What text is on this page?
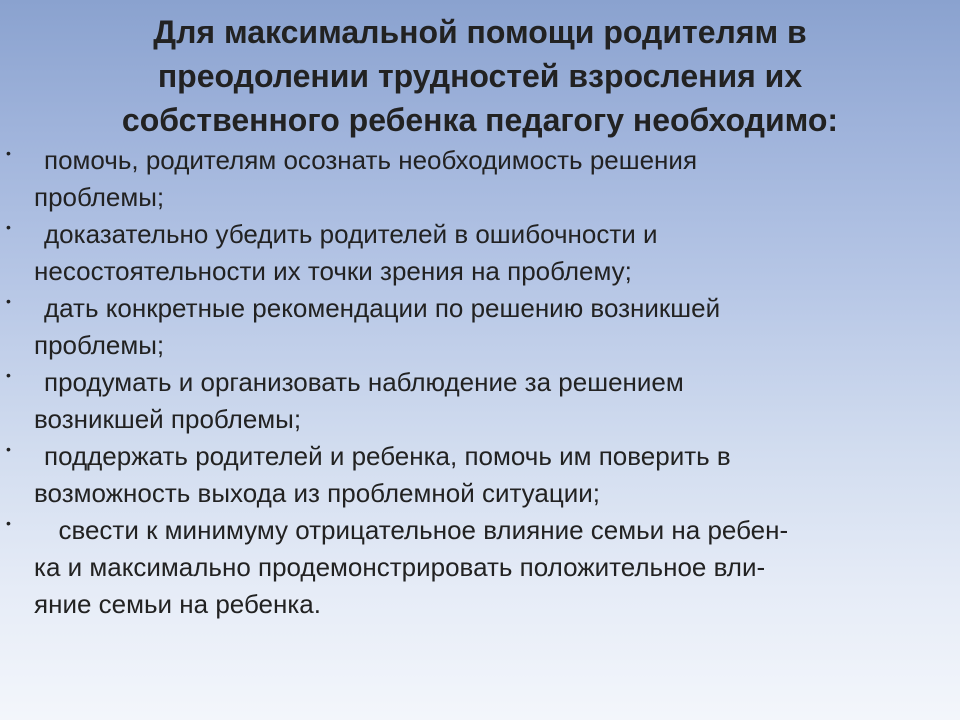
Для максимальной помощи родителям в
преодолении трудностей взросления их
собственного ребенка педагогу необходимо:
•	помочь, родителям осознать необходимость решения
проблемы;
•	доказательно убедить родителей в ошибочности и
несостоятельности их точки зрения на проблему;
•	дать конкретные рекомендации по решению возникшей
проблемы;
•	продумать и организовать наблюдение за решением
возникшей проблемы;
•	поддержать родителей и ребенка, помочь им поверить в
возможность выхода из проблемной ситуации;
•	свести к минимуму отрицательное влияние семьи на ребен-
ка и максимально продемонстрировать положительное вли-
яние семьи на ребенка.
